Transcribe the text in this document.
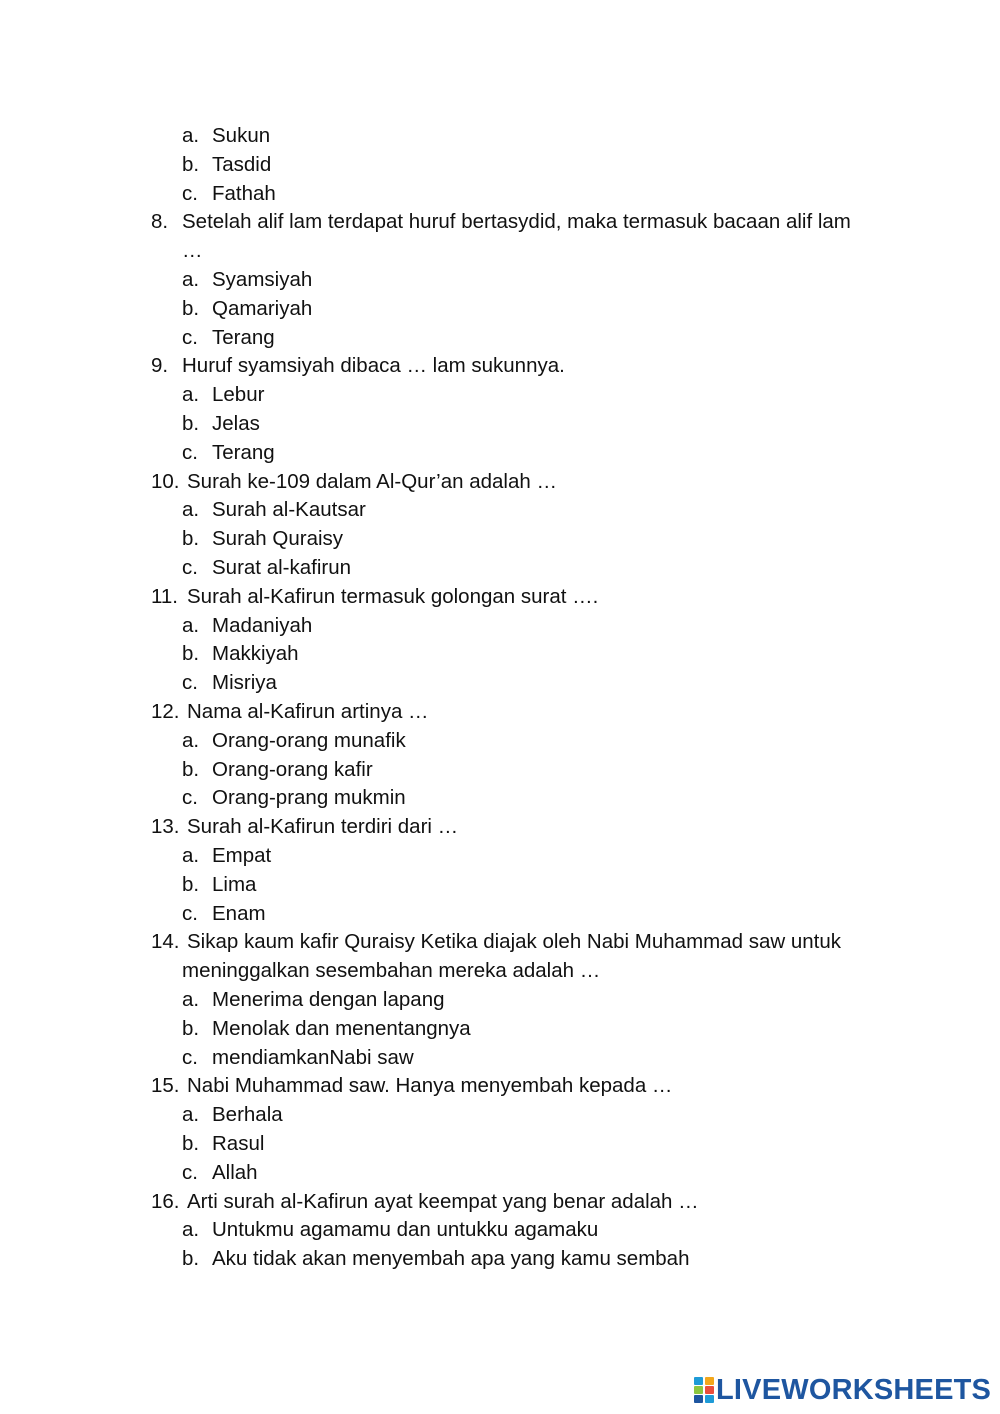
a. Sukun
b. Tasdid
c. Fathah
8. Setelah alif lam terdapat huruf bertasydid, maka termasuk bacaan alif lam
…
a. Syamsiyah
b. Qamariyah
c. Terang
9. Huruf syamsiyah dibaca … lam sukunnya.
a. Lebur
b. Jelas
c. Terang
10. Surah ke-109 dalam Al-Qur’an adalah …
a. Surah al-Kautsar
b. Surah Quraisy
c. Surat al-kafirun
11. Surah al-Kafirun termasuk golongan surat ….
a. Madaniyah
b. Makkiyah
c. Misriya
12. Nama al-Kafirun artinya …
a. Orang-orang munafik
b. Orang-orang kafir
c. Orang-prang mukmin
13. Surah al-Kafirun terdiri dari …
a. Empat
b. Lima
c. Enam
14. Sikap kaum kafir Quraisy Ketika diajak oleh Nabi Muhammad saw untuk
meninggalkan sesembahan mereka adalah …
a. Menerima dengan lapang
b. Menolak dan menentangnya
c. mendiamkanNabi saw
15. Nabi Muhammad saw. Hanya menyembah kepada …
a. Berhala
b. Rasul
c. Allah
16. Arti surah al-Kafirun ayat keempat yang benar adalah …
a. Untukmu agamamu dan untukku agamaku
b. Aku tidak akan menyembah apa yang kamu sembah
LIVEWORKSHEETS
